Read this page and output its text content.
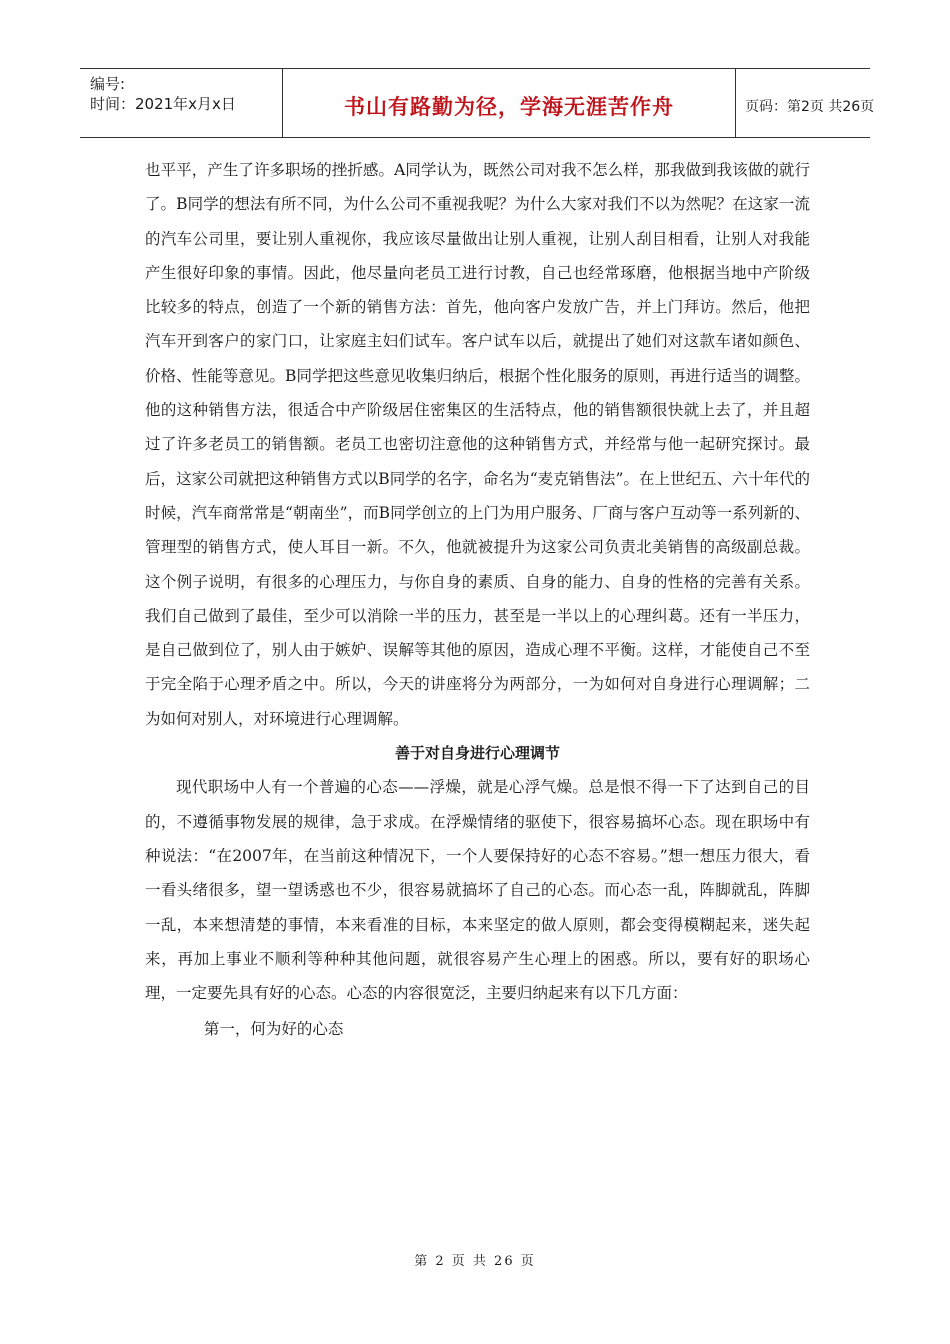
编号:
时间：2021年x月x日	书山有路勤为径，学海无涯苦作舟	页码：第2页 共26页

也平平，产生了许多职场的挫折感。A同学认为，既然公司对我不怎么样，那我做到我该做的就行了。B同学的想法有所不同，为什么公司不重视我呢？为什么大家对我们不以为然呢？在这家一流的汽车公司里，要让别人重视你，我应该尽量做出让别人重视，让别人刮目相看，让别人对我能产生很好印象的事情。因此，他尽量向老员工进行讨教，自己也经常琢磨，他根据当地中产阶级比较多的特点，创造了一个新的销售方法：首先，他向客户发放广告，并上门拜访。然后，他把汽车开到客户的家门口，让家庭主妇们试车。客户试车以后，就提出了她们对这款车诸如颜色、价格、性能等意见。B同学把这些意见收集归纳后，根据个性化服务的原则，再进行适当的调整。他的这种销售方法，很适合中产阶级居住密集区的生活特点，他的销售额很快就上去了，并且超过了许多老员工的销售额。老员工也密切注意他的这种销售方式，并经常与他一起研究探讨。最后，这家公司就把这种销售方式以B同学的名字，命名为“麦克销售法”。在上世纪五、六十年代的时候，汽车商常常是“朝南坐”，而B同学创立的上门为用户服务、厂商与客户互动等一系列新的、管理型的销售方式，使人耳目一新。不久，他就被提升为这家公司负责北美销售的高级副总裁。这个例子说明，有很多的心理压力，与你自身的素质、自身的能力、自身的性格的完善有关系。我们自己做到了最佳，至少可以消除一半的压力，甚至是一半以上的心理纠葛。还有一半压力，是自己做到位了，别人由于嫉妒、误解等其他的原因，造成心理不平衡。这样，才能使自己不至于完全陷于心理矛盾之中。所以，今天的讲座将分为两部分，一为如何对自身进行心理调解；二为如何对别人，对环境进行心理调解。

善于对自身进行心理调节

现代职场中人有一个普遍的心态——浮燥，就是心浮气燥。总是恨不得一下了达到自己的目的，不遵循事物发展的规律，急于求成。在浮燥情绪的驱使下，很容易搞坏心态。现在职场中有种说法：“在2007年，在当前这种情况下，一个人要保持好的心态不容易。”想一想压力很大，看一看头绪很多，望一望诱惑也不少，很容易就搞坏了自己的心态。而心态一乱，阵脚就乱，阵脚一乱，本来想清楚的事情，本来看准的目标，本来坚定的做人原则，都会变得模糊起来，迷失起来，再加上事业不顺利等种种其他问题，就很容易产生心理上的困惑。所以，要有好的职场心理，一定要先具有好的心态。心态的内容很宽泛，主要归纳起来有以下几方面：

第一，何为好的心态

第 2 页 共 26 页
